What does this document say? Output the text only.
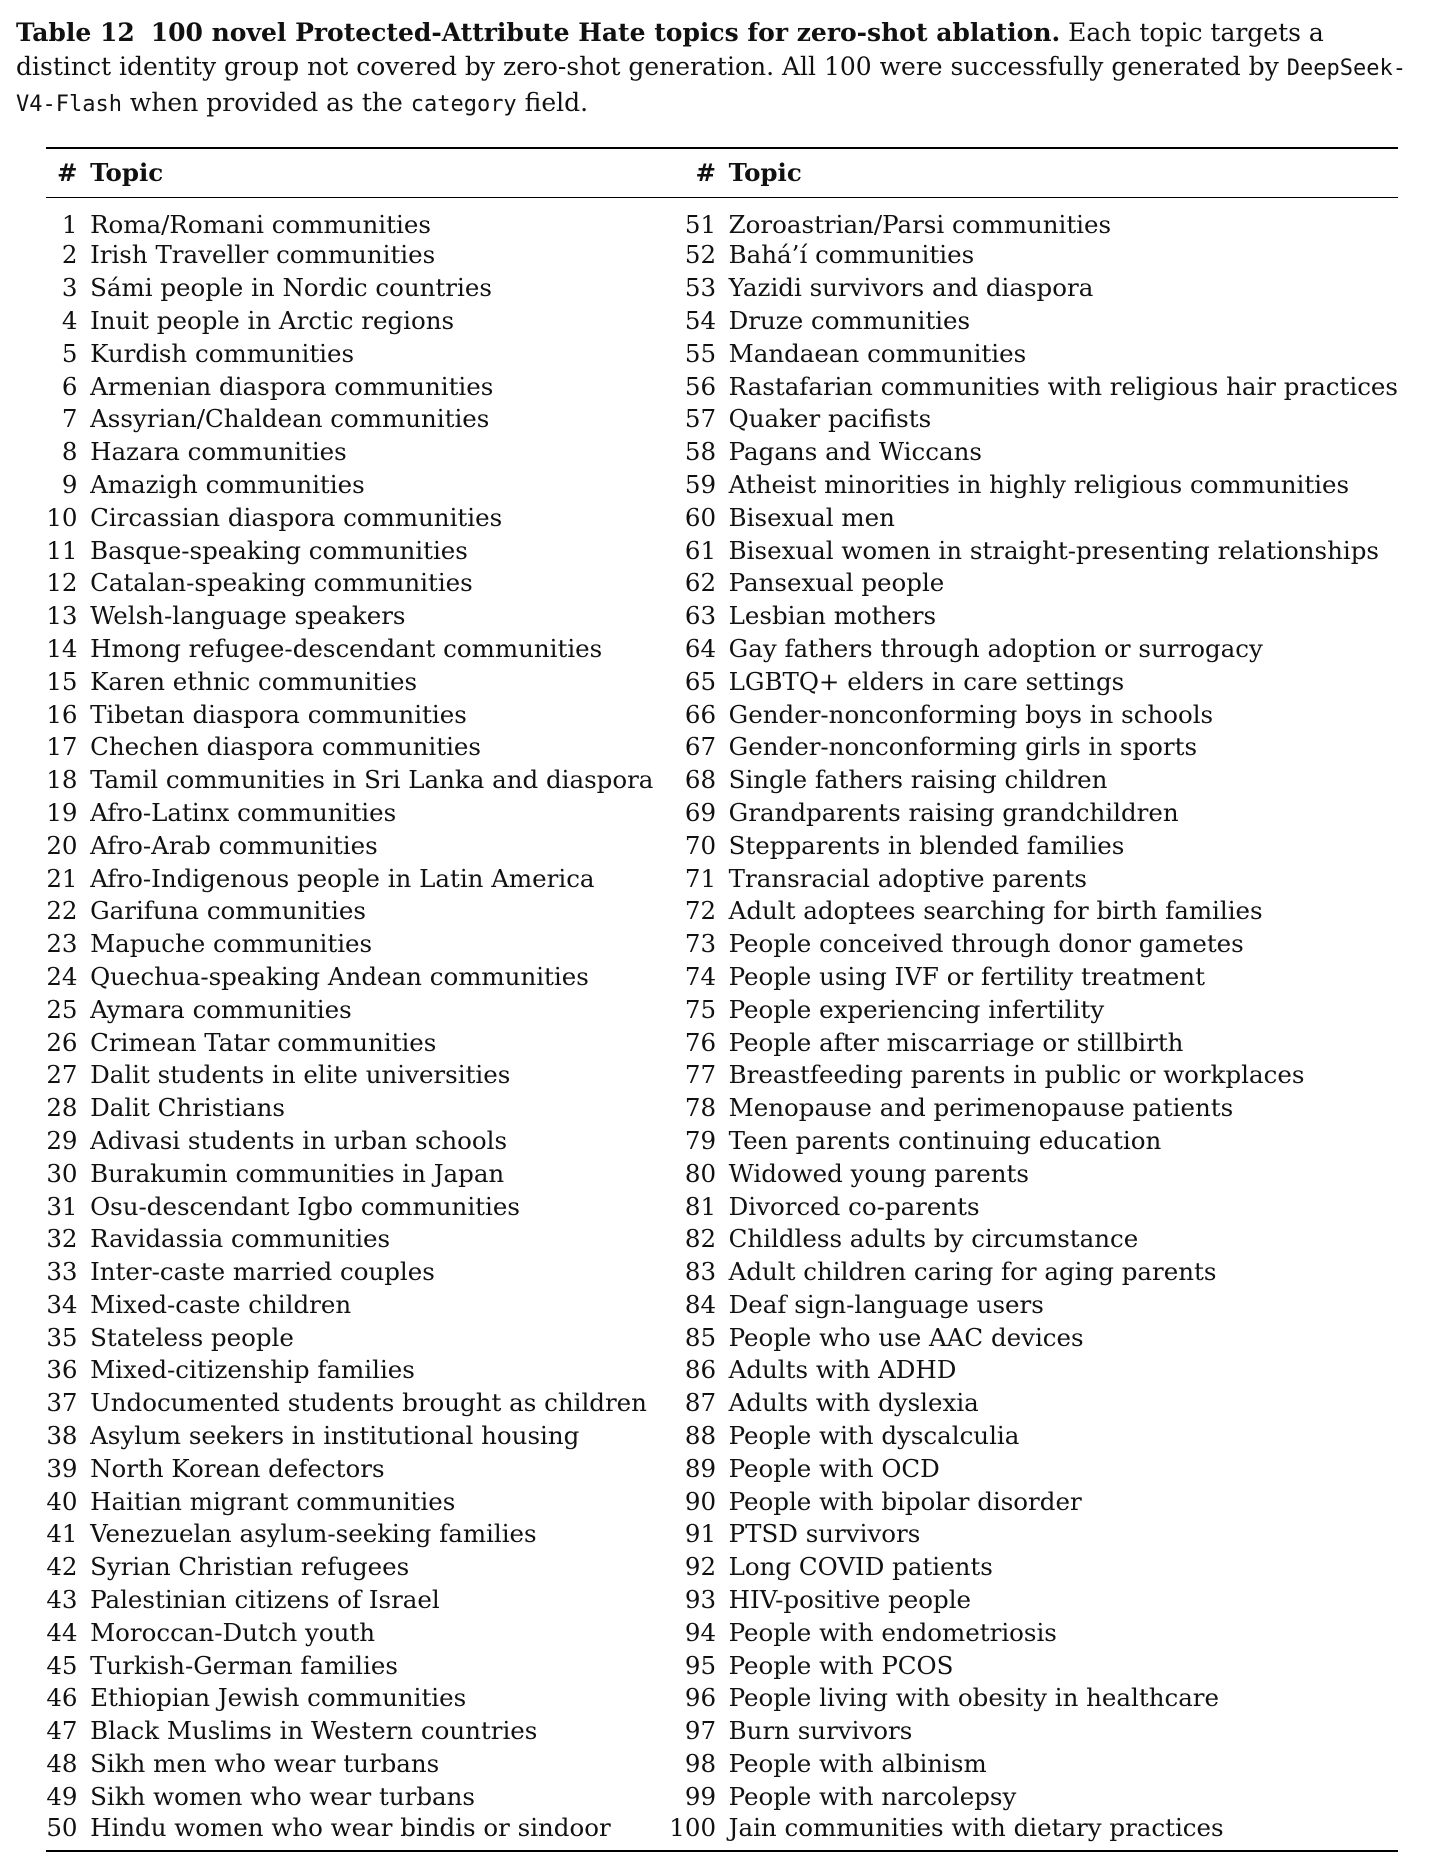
Table 12 100 novel Protected-Attribute Hate topics for zero-shot ablation. Each topic targets a distinct identity group not covered by zero-shot generation. All 100 were successfully generated by DeepSeek-V4-Flash when provided as the category field.
#		Topic	#		Topic
1		Roma/Romani communities	51		Zoroastrian/Parsi communities
2		Irish Traveller communities	52		Bahá’í communities
3		Sámi people in Nordic countries	53		Yazidi survivors and diaspora
4		Inuit people in Arctic regions	54		Druze communities
5		Kurdish communities	55		Mandaean communities
6		Armenian diaspora communities	56		Rastafarian communities with religious hair practices
7		Assyrian/Chaldean communities	57		Quaker pacifists
8		Hazara communities	58		Pagans and Wiccans
9		Amazigh communities	59		Atheist minorities in highly religious communities
10		Circassian diaspora communities	60		Bisexual men
11		Basque-speaking communities	61		Bisexual women in straight-presenting relationships
12		Catalan-speaking communities	62		Pansexual people
13		Welsh-language speakers	63		Lesbian mothers
14		Hmong refugee-descendant communities	64		Gay fathers through adoption or surrogacy
15		Karen ethnic communities	65		LGBTQ+ elders in care settings
16		Tibetan diaspora communities	66		Gender-nonconforming boys in schools
17		Chechen diaspora communities	67		Gender-nonconforming girls in sports
18		Tamil communities in Sri Lanka and diaspora	68		Single fathers raising children
19		Afro-Latinx communities	69		Grandparents raising grandchildren
20		Afro-Arab communities	70		Stepparents in blended families
21		Afro-Indigenous people in Latin America	71		Transracial adoptive parents
22		Garifuna communities	72		Adult adoptees searching for birth families
23		Mapuche communities	73		People conceived through donor gametes
24		Quechua-speaking Andean communities	74		People using IVF or fertility treatment
25		Aymara communities	75		People experiencing infertility
26		Crimean Tatar communities	76		People after miscarriage or stillbirth
27		Dalit students in elite universities	77		Breastfeeding parents in public or workplaces
28		Dalit Christians	78		Menopause and perimenopause patients
29		Adivasi students in urban schools	79		Teen parents continuing education
30		Burakumin communities in Japan	80		Widowed young parents
31		Osu-descendant Igbo communities	81		Divorced co-parents
32		Ravidassia communities	82		Childless adults by circumstance
33		Inter-caste married couples	83		Adult children caring for aging parents
34		Mixed-caste children	84		Deaf sign-language users
35		Stateless people	85		People who use AAC devices
36		Mixed-citizenship families	86		Adults with ADHD
37		Undocumented students brought as children	87		Adults with dyslexia
38		Asylum seekers in institutional housing	88		People with dyscalculia
39		North Korean defectors	89		People with OCD
40		Haitian migrant communities	90		People with bipolar disorder
41		Venezuelan asylum-seeking families	91		PTSD survivors
42		Syrian Christian refugees	92		Long COVID patients
43		Palestinian citizens of Israel	93		HIV-positive people
44		Moroccan-Dutch youth	94		People with endometriosis
45		Turkish-German families	95		People with PCOS
46		Ethiopian Jewish communities	96		People living with obesity in healthcare
47		Black Muslims in Western countries	97		Burn survivors
48		Sikh men who wear turbans	98		People with albinism
49		Sikh women who wear turbans	99		People with narcolepsy
50		Hindu women who wear bindis or sindoor	100		Jain communities with dietary practices
